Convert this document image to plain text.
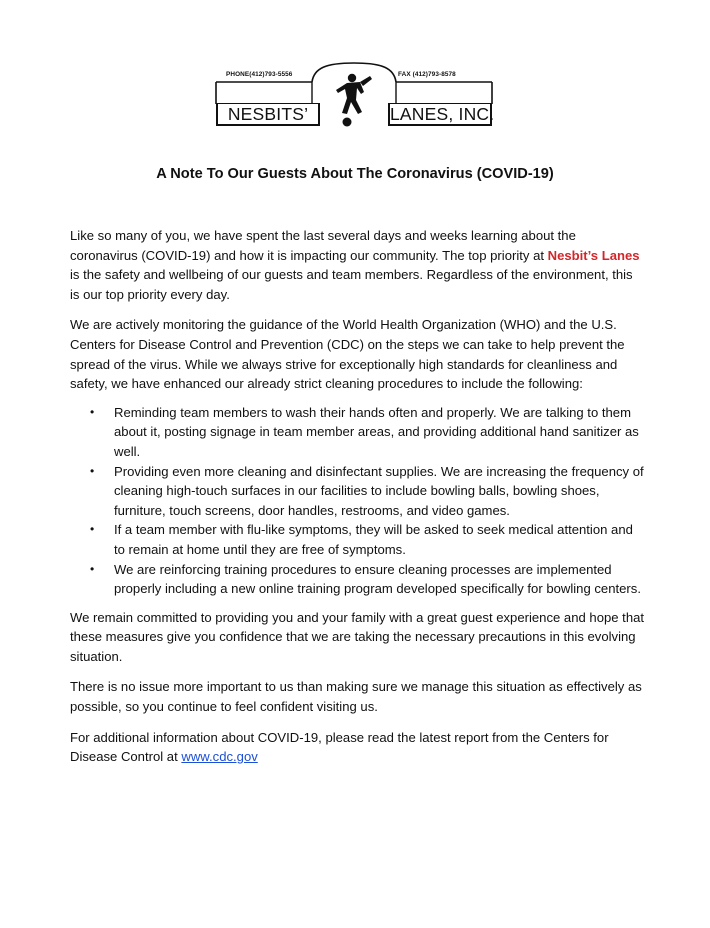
PHONE(412)793-5556	FAX (412)793-8578
NESBITS’	LANES, INC.
A Note To Our Guests About The Coronavirus (COVID-19)

Like so many of you, we have spent the last several days and weeks learning about the coronavirus (COVID-19) and how it is impacting our community. The top priority at Nesbit’s Lanes is the safety and wellbeing of our guests and team members. Regardless of the environment, this is our top priority every day.

We are actively monitoring the guidance of the World Health Organization (WHO) and the U.S. Centers for Disease Control and Prevention (CDC) on the steps we can take to help prevent the spread of the virus. While we always strive for exceptionally high standards for cleanliness and safety, we have enhanced our already strict cleaning procedures to include the following:

• Reminding team members to wash their hands often and properly. We are talking to them about it, posting signage in team member areas, and providing additional hand sanitizer as well.
• Providing even more cleaning and disinfectant supplies. We are increasing the frequency of cleaning high-touch surfaces in our facilities to include bowling balls, bowling shoes, furniture, touch screens, door handles, restrooms, and video games.
• If a team member with flu-like symptoms, they will be asked to seek medical attention and to remain at home until they are free of symptoms.
• We are reinforcing training procedures to ensure cleaning processes are implemented properly including a new online training program developed specifically for bowling centers.

We remain committed to providing you and your family with a great guest experience and hope that these measures give you confidence that we are taking the necessary precautions in this evolving situation.

There is no issue more important to us than making sure we manage this situation as effectively as possible, so you continue to feel confident visiting us.

For additional information about COVID-19, please read the latest report from the Centers for Disease Control at www.cdc.gov
